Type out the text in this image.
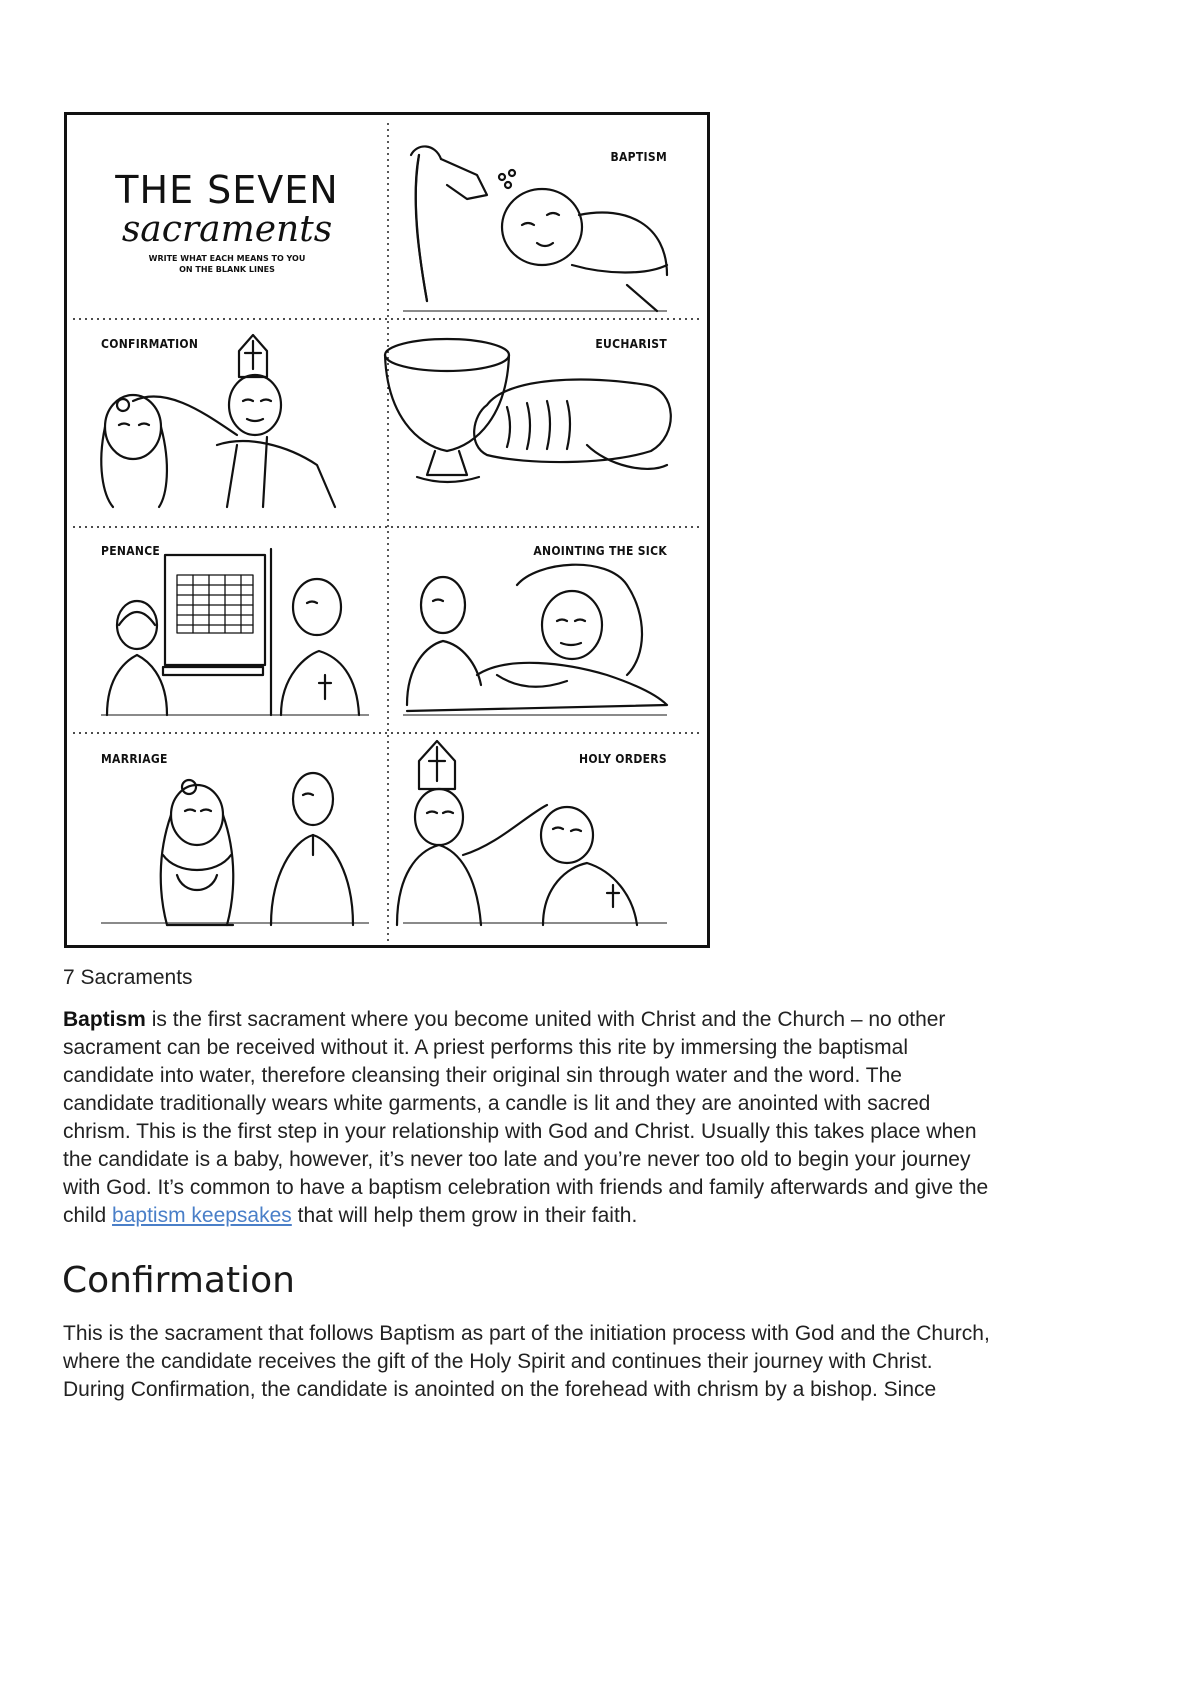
THE SEVEN
sacraments
WRITE WHAT EACH MEANS TO YOU
ON THE BLANK LINES
BAPTISM
CONFIRMATION	EUCHARIST
PENANCE	ANOINTING THE SICK
MARRIAGE	HOLY ORDERS
7 Sacraments

Baptism is the first sacrament where you become united with Christ and the Church – no other
sacrament can be received without it. A priest performs this rite by immersing the baptismal
candidate into water, therefore cleansing their original sin through water and the word. The
candidate traditionally wears white garments, a candle is lit and they are anointed with sacred
chrism. This is the first step in your relationship with God and Christ. Usually this takes place when
the candidate is a baby, however, it’s never too late and you’re never too old to begin your journey
with God. It’s common to have a baptism celebration with friends and family afterwards and give the
child baptism keepsakes that will help them grow in their faith.

Confirmation

This is the sacrament that follows Baptism as part of the initiation process with God and the Church,
where the candidate receives the gift of the Holy Spirit and continues their journey with Christ.
During Confirmation, the candidate is anointed on the forehead with chrism by a bishop. Since
